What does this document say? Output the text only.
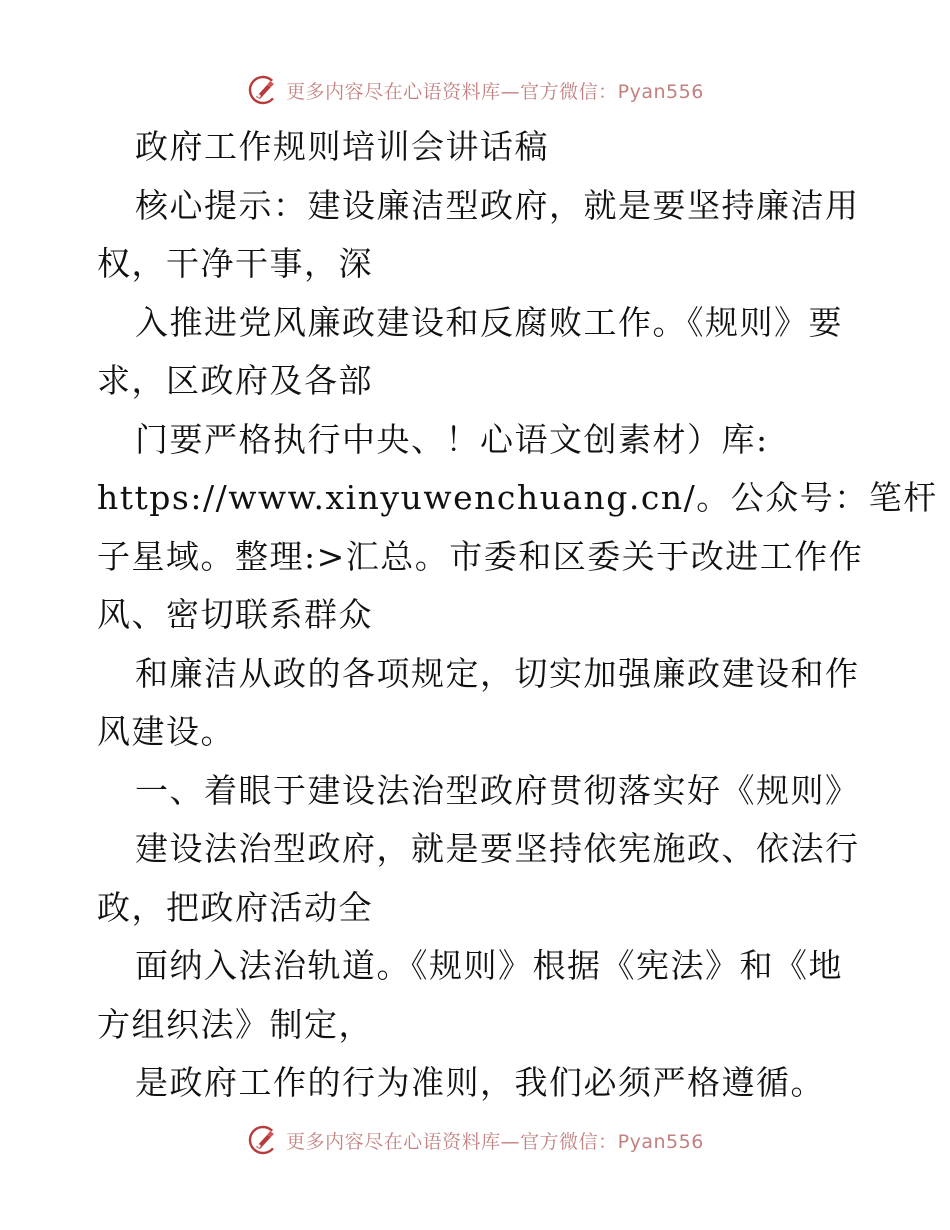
更多内容尽在心语资料库—官方微信：Pyan556
政府工作规则培训会讲话稿
核心提示：建设廉洁型政府，就是要坚持廉洁用
权，干净干事，深
入推进党风廉政建设和反腐败工作。《规则》要
求，区政府及各部
门要严格执行中央、！心语文创素材）库:
https://www.xinyuwenchuang.cn/。公众号：笔杆
子星域。整理:>汇总。市委和区委关于改进工作作
风、密切联系群众
和廉洁从政的各项规定，切实加强廉政建设和作
风建设。
一、着眼于建设法治型政府贯彻落实好《规则》
建设法治型政府，就是要坚持依宪施政、依法行
政，把政府活动全
面纳入法治轨道。《规则》根据《宪法》和《地
方组织法》制定，
是政府工作的行为准则，我们必须严格遵循。
更多内容尽在心语资料库—官方微信：Pyan556
